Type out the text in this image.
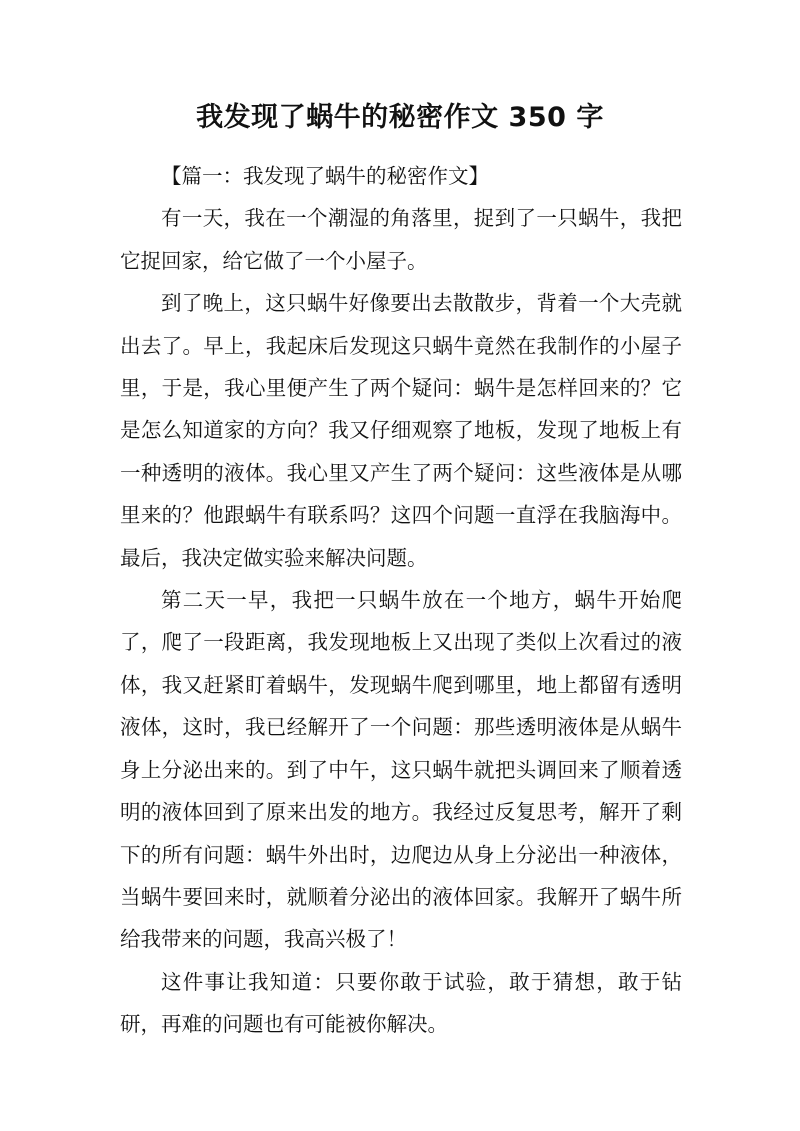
我发现了蜗牛的秘密作文 350 字

【篇一：我发现了蜗牛的秘密作文】

有一天，我在一个潮湿的角落里，捉到了一只蜗牛，我把它捉回家，给它做了一个小屋子。

到了晚上，这只蜗牛好像要出去散散步，背着一个大壳就出去了。早上，我起床后发现这只蜗牛竟然在我制作的小屋子里，于是，我心里便产生了两个疑问：蜗牛是怎样回来的？它是怎么知道家的方向？我又仔细观察了地板，发现了地板上有一种透明的液体。我心里又产生了两个疑问：这些液体是从哪里来的？他跟蜗牛有联系吗？这四个问题一直浮在我脑海中。最后，我决定做实验来解决问题。

第二天一早，我把一只蜗牛放在一个地方，蜗牛开始爬了，爬了一段距离，我发现地板上又出现了类似上次看过的液体，我又赶紧盯着蜗牛，发现蜗牛爬到哪里，地上都留有透明液体，这时，我已经解开了一个问题：那些透明液体是从蜗牛身上分泌出来的。到了中午，这只蜗牛就把头调回来了顺着透明的液体回到了原来出发的地方。我经过反复思考，解开了剩下的所有问题：蜗牛外出时，边爬边从身上分泌出一种液体，当蜗牛要回来时，就顺着分泌出的液体回家。我解开了蜗牛所给我带来的问题，我高兴极了！

这件事让我知道：只要你敢于试验，敢于猜想，敢于钻研，再难的问题也有可能被你解决。
